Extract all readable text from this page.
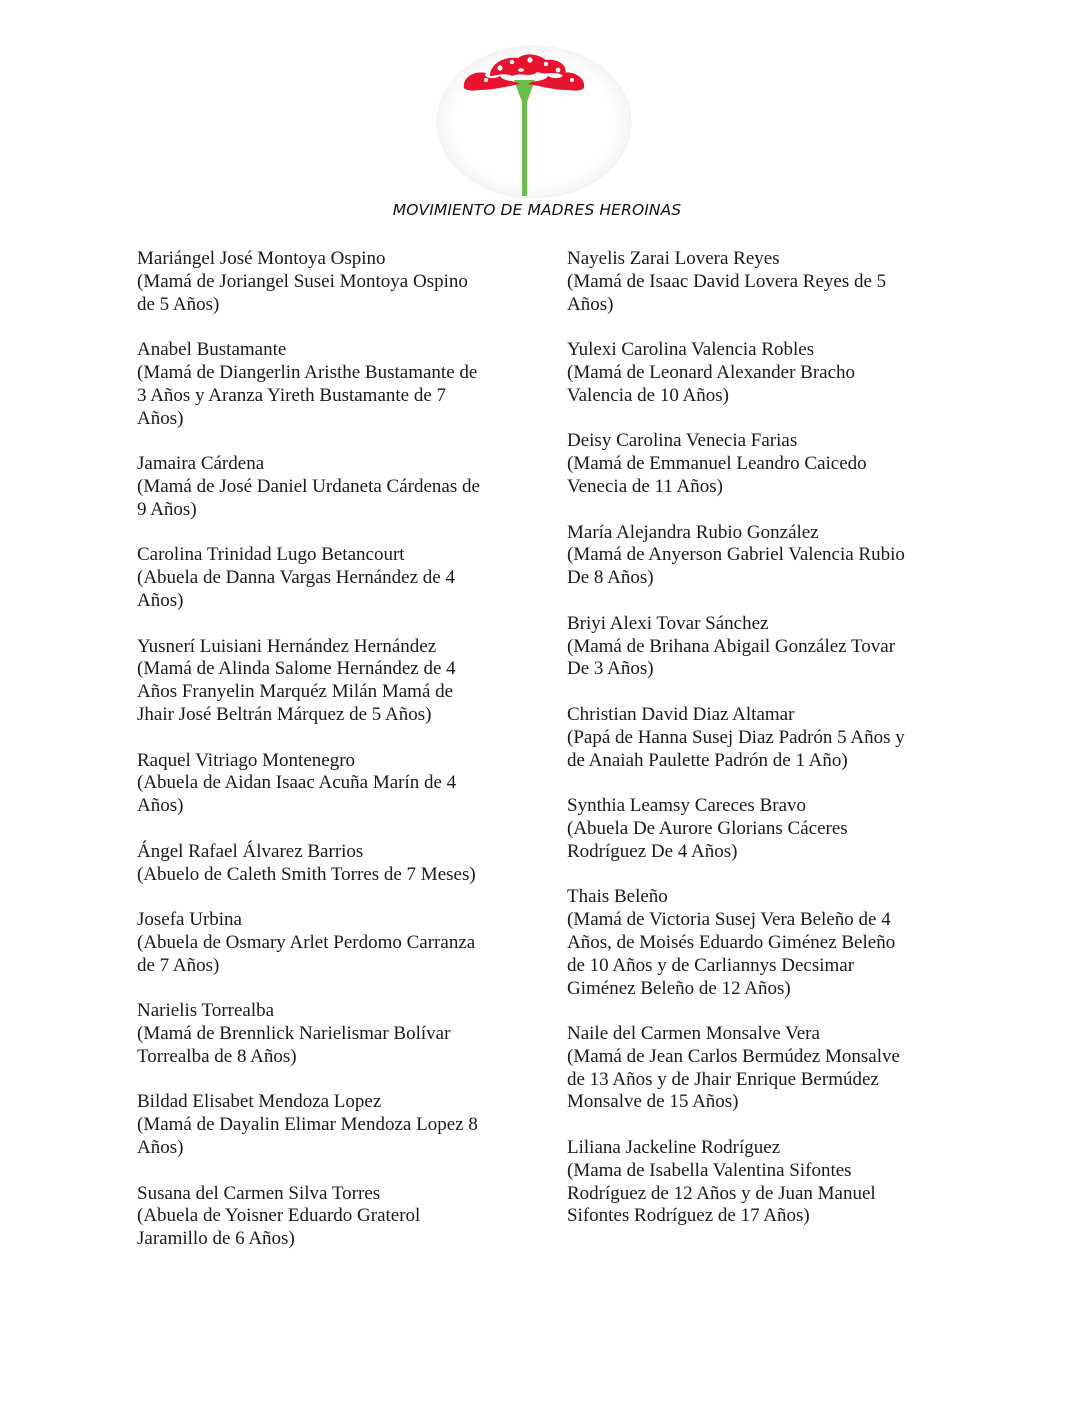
MOVIMIENTO DE MADRES HEROINAS
Mariángel José Montoya Ospino
(Mamá de Joriangel Susei Montoya Ospino
de 5 Años)
Anabel Bustamante
(Mamá de Diangerlin Aristhe Bustamante de
3 Años y Aranza Yireth Bustamante de 7
Años)
Jamaira Cárdena
(Mamá de José Daniel Urdaneta Cárdenas de
9 Años)
Carolina Trinidad Lugo Betancourt
(Abuela de Danna Vargas Hernández de 4
Años)
Yusnerí Luisiani Hernández Hernández
(Mamá de Alinda Salome Hernández de 4
Años Franyelin Marquéz Milán Mamá de
Jhair José Beltrán Márquez de 5 Años)
Raquel Vitriago Montenegro
(Abuela de Aidan Isaac Acuña Marín de 4
Años)
Ángel Rafael Álvarez Barrios
(Abuelo de Caleth Smith Torres de 7 Meses)
Josefa Urbina
(Abuela de Osmary Arlet Perdomo Carranza
de 7 Años)
Narielis Torrealba
(Mamá de Brennlick Narielismar Bolívar
Torrealba de 8 Años)
Bildad Elisabet Mendoza Lopez
(Mamá de Dayalin Elimar Mendoza Lopez 8
Años)
Susana del Carmen Silva Torres
(Abuela de Yoisner Eduardo Graterol
Jaramillo de 6 Años)
Nayelis Zarai Lovera Reyes
(Mamá de Isaac David Lovera Reyes de 5
Años)
Yulexi Carolina Valencia Robles
(Mamá de Leonard Alexander Bracho
Valencia de 10 Años)
Deisy Carolina Venecia Farias
(Mamá de Emmanuel Leandro Caicedo
Venecia de 11 Años)
María Alejandra Rubio González
(Mamá de Anyerson Gabriel Valencia Rubio
De 8 Años)
Briyi Alexi Tovar Sánchez
(Mamá de Brihana Abigail González Tovar
De 3 Años)
Christian David Diaz Altamar
(Papá de Hanna Susej Diaz Padrón 5 Años y
de Anaiah Paulette Padrón de 1 Año)
Synthia Leamsy Careces Bravo
(Abuela De Aurore Glorians Cáceres
Rodríguez De 4 Años)
Thais Beleño
(Mamá de Victoria Susej Vera Beleño de 4
Años, de Moisés Eduardo Giménez Beleño
de 10 Años y de Carliannys Decsimar
Giménez Beleño de 12 Años)
Naile del Carmen Monsalve Vera
(Mamá de Jean Carlos Bermúdez Monsalve
de 13 Años y de Jhair Enrique Bermúdez
Monsalve de 15 Años)
Liliana Jackeline Rodríguez
(Mama de Isabella Valentina Sifontes
Rodríguez de 12 Años y de Juan Manuel
Sifontes Rodríguez de 17 Años)
